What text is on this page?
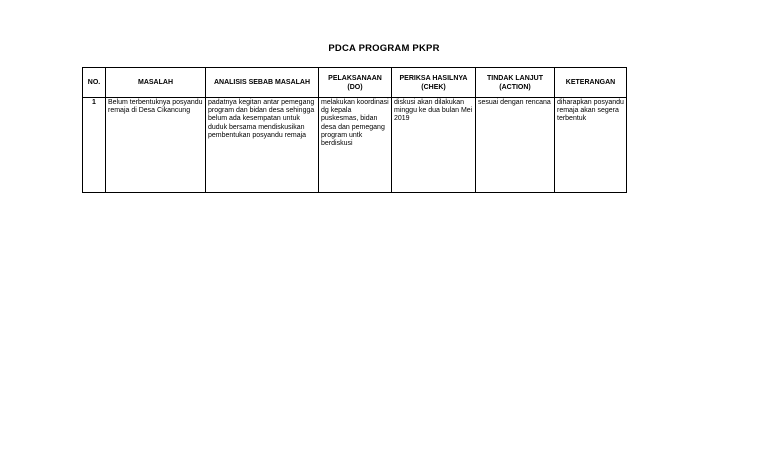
PDCA PROGRAM PKPR
NO.	MASALAH	ANALISIS SEBAB MASALAH	PELAKSANAAN (DO)	PERIKSA HASILNYA (CHEK)	TINDAK LANJUT (ACTION)	KETERANGAN
1	Belum terbentuknya posyandu remaja di Desa Cikancung	padatnya kegitan antar pemegang program dan bidan desa sehingga belum ada kesempatan untuk duduk bersama mendiskusikan pembentukan posyandu remaja	melakukan koordinasi dg kepala puskesmas, bidan desa dan pemegang program untk berdiskusi	diskusi akan dilakukan minggu ke dua bulan Mei 2019	sesuai dengan rencana	diharapkan posyandu remaja akan segera terbentuk
